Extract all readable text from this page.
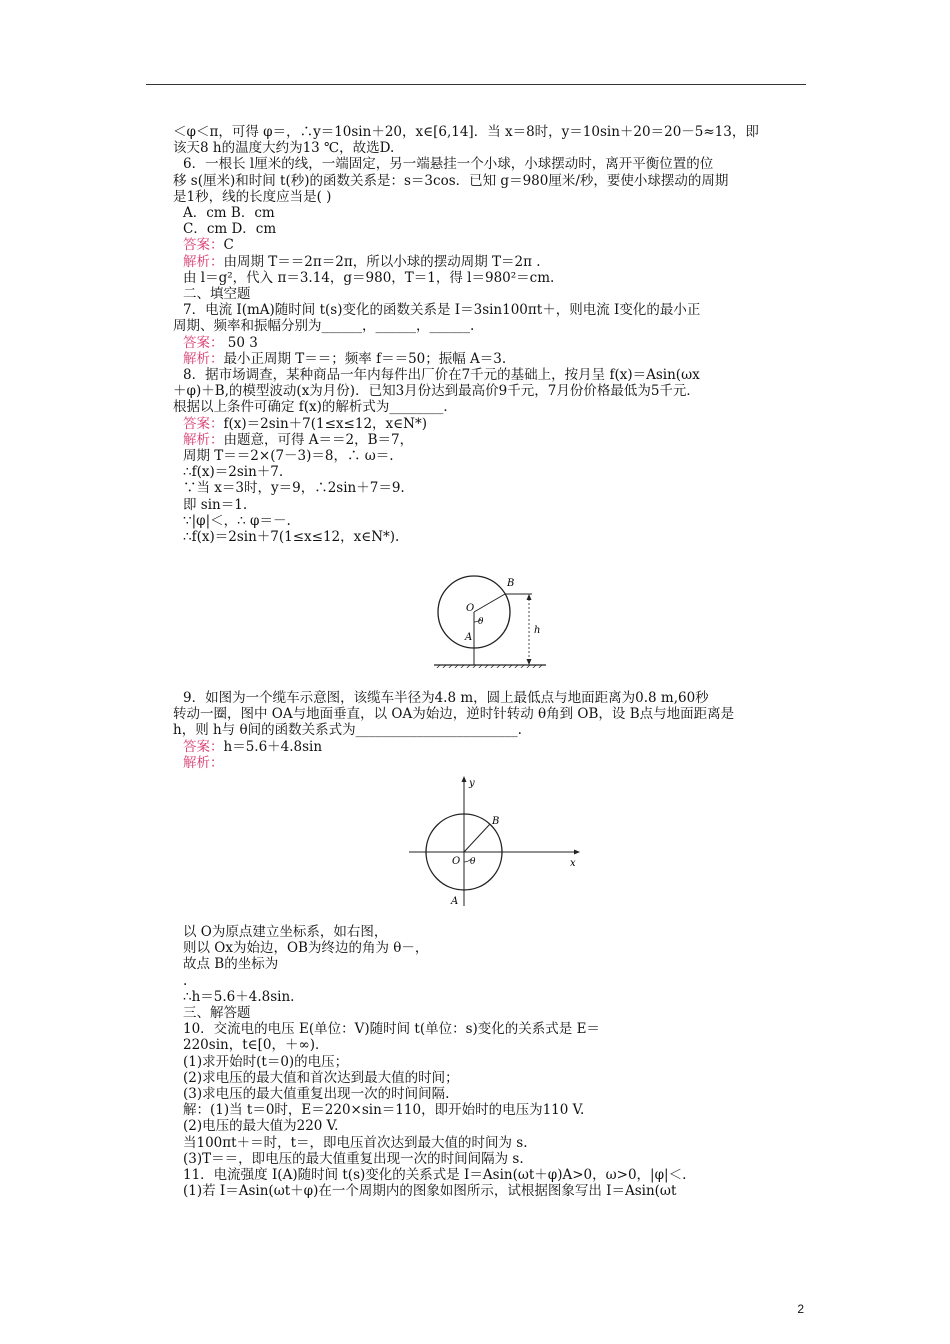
＜φ＜π，可得 φ＝，∴y＝10sin＋20，x∈[6,14]．当 x＝8时，y＝10sin＋20＝20－5≈13，即
该天8 h的温度大约为13 ℃，故选D.
6．一根长 l厘米的线，一端固定，另一端悬挂一个小球，小球摆动时，离开平衡位置的位
移 s(厘米)和时间 t(秒)的函数关系是：s＝3cos．已知 g＝980厘米/秒，要使小球摆动的周期
是1秒，线的长度应当是( )
A．cm B．cm
C．cm D．cm
答案：C
解析：由周期 T＝＝2π＝2π，所以小球的摆动周期 T＝2π .
由 l＝g²，代入 π＝3.14，g＝980，T＝1，得 l＝980²＝cm.
二、填空题
7．电流 I(mA)随时间 t(s)变化的函数关系是 I＝3sin100πt＋，则电流 I变化的最小正
周期、频率和振幅分别为______，______，______.
答案： 50 3
解析：最小正周期 T＝＝；频率 f＝＝50；振幅 A＝3.
8．据市场调查，某种商品一年内每件出厂价在7千元的基础上，按月呈 f(x)＝Asin(ωx
＋φ)＋B,的模型波动(x为月份)．已知3月份达到最高价9千元，7月份价格最低为5千元．
根据以上条件可确定 f(x)的解析式为________．
答案：f(x)＝2sin＋7(1≤x≤12，x∈N*)
解析：由题意，可得 A＝＝2，B＝7，
周期 T＝＝2×(7－3)＝8，∴ ω＝.
∴f(x)＝2sin＋7.
∵当 x＝3时，y＝9，∴2sin＋7＝9.
即 sin＝1.
∵|φ|＜，∴ φ＝－.
∴f(x)＝2sin＋7(1≤x≤12，x∈N*).
B
O
θ
A
h
9．如图为一个缆车示意图，该缆车半径为4.8 m，圆上最低点与地面距离为0.8 m,60秒
转动一圈，图中 OA与地面垂直，以 OA为始边，逆时针转动 θ角到 OB，设 B点与地面距离是
h，则 h与 θ间的函数关系式为________________________.
答案：h＝5.6＋4.8sin
解析：
y
B
O θ	x
A
以 O为原点建立坐标系，如右图，
则以 Ox为始边，OB为终边的角为 θ－，
故点 B的坐标为
.
∴h＝5.6＋4.8sin.
三、解答题
10．交流电的电压 E(单位：V)随时间 t(单位：s)变化的关系式是 E＝
220sin，t∈[0，＋∞)．
(1)求开始时(t＝0)的电压；
(2)求电压的最大值和首次达到最大值的时间；
(3)求电压的最大值重复出现一次的时间间隔.
解：(1)当 t＝0时，E＝220×sin＝110，即开始时的电压为110 V.
(2)电压的最大值为220 V.
当100πt＋＝时，t＝，即电压首次达到最大值的时间为 s.
(3)T＝＝，即电压的最大值重复出现一次的时间间隔为 s.
11．电流强度 I(A)随时间 t(s)变化的关系式是 I＝Asin(ωt＋φ)A>0，ω>0，|φ|＜.
(1)若 I＝Asin(ωt＋φ)在一个周期内的图象如图所示，试根据图象写出 I＝Asin(ωt
2
